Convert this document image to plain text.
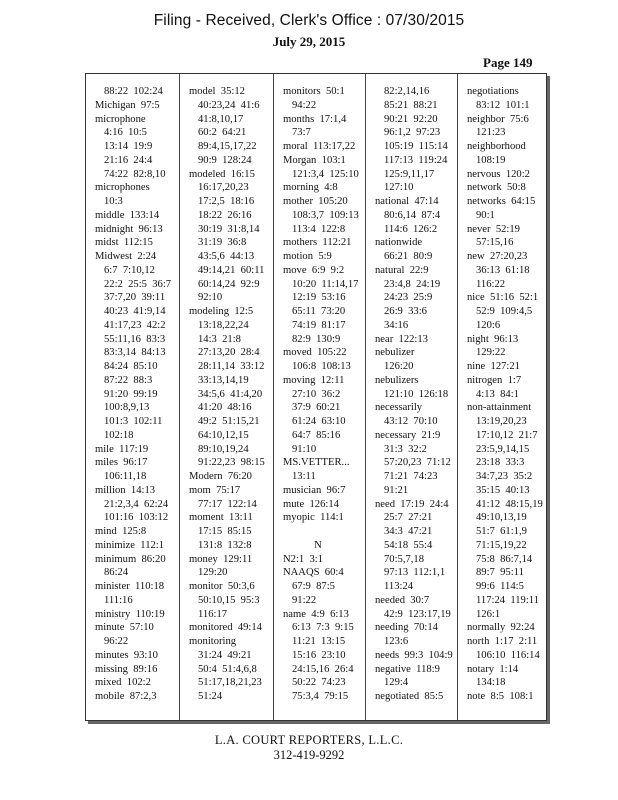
Filing - Received, Clerk's Office : 07/30/2015
July 29, 2015
Page 149
88:22  102:24
Michigan  97:5
microphone
4:16  10:5
13:14  19:9
21:16  24:4
74:22  82:8,10
microphones
10:3
middle  133:14
midnight  96:13
midst  112:15
Midwest  2:24
6:7  7:10,12
22:2  25:5  36:7
37:7,20  39:11
40:23  41:9,14
41:17,23  42:2
55:11,16  83:3
83:3,14  84:13
84:24  85:10
87:22  88:3
91:20  99:19
100:8,9,13
101:3  102:11
102:18
mile  117:19
miles  96:17
106:11,18
million  14:13
21:2,3,4  62:24
101:16  103:12
mind  125:8
minimize  112:1
minimum  86:20
86:24
minister  110:18
111:16
ministry  110:19
minute  57:10
96:22
minutes  93:10
missing  89:16
mixed  102:2
mobile  87:2,3
model  35:12
40:23,24  41:6
41:8,10,17
60:2  64:21
89:4,15,17,22
90:9  128:24
modeled  16:15
16:17,20,23
17:2,5  18:16
18:22  26:16
30:19  31:8,14
31:19  36:8
43:5,6  44:13
49:14,21  60:11
60:14,24  92:9
92:10
modeling  12:5
13:18,22,24
14:3  21:8
27:13,20  28:4
28:11,14  33:12
33:13,14,19
34:5,6  41:4,20
41:20  48:16
49:2  51:15,21
64:10,12,15
89:10,19,24
91:22,23  98:15
Modern  76:20
mom  75:17
77:17  122:14
moment  13:11
17:15  85:15
131:8  132:8
money  129:11
129:20
monitor  50:3,6
50:10,15  95:3
116:17
monitored  49:14
monitoring
31:24  49:21
50:4  51:4,6,8
51:17,18,21,23
51:24
monitors  50:1
94:22
months  17:1,4
73:7
moral  113:17,22
Morgan  103:1
121:3,4  125:10
morning  4:8
mother  105:20
108:3,7  109:13
113:4  122:8
mothers  112:21
motion  5:9
move  6:9  9:2
10:20  11:14,17
12:19  53:16
65:11  73:20
74:19  81:17
82:9  130:9
moved  105:22
106:8  108:13
moving  12:11
27:10  36:2
37:9  60:21
61:24  63:10
64:7  85:16
91:10
MS.VETTER...
13:11
musician  96:7
mute  126:14
myopic  114:1
N
N2:1  3:1
NAAQS  60:4
67:9  87:5
91:22
name  4:9  6:13
6:13  7:3  9:15
11:21  13:15
15:16  23:10
24:15,16  26:4
50:22  74:23
75:3,4  79:15
82:2,14,16
85:21  88:21
90:21  92:20
96:1,2  97:23
105:19  115:14
117:13  119:24
125:9,11,17
127:10
national  47:14
80:6,14  87:4
114:6  126:2
nationwide
66:21  80:9
natural  22:9
23:4,8  24:19
24:23  25:9
26:9  33:6
34:16
near  122:13
nebulizer
126:20
nebulizers
121:10  126:18
necessarily
43:12  70:10
necessary  21:9
31:3  32:2
57:20,23  71:12
71:21  74:23
91:21
need  17:19  24:4
25:7  27:21
34:3  47:21
54:18  55:4
70:5,7,18
97:13  112:1,1
113:24
needed  30:7
42:9  123:17,19
needing  70:14
123:6
needs  99:3  104:9
negative  118:9
129:4
negotiated  85:5
negotiations
83:12  101:1
neighbor  75:6
121:23
neighborhood
108:19
nervous  120:2
network  50:8
networks  64:15
90:1
never  52:19
57:15,16
new  27:20,23
36:13  61:18
116:22
nice  51:16  52:1
52:9  109:4,5
120:6
night  96:13
129:22
nine  127:21
nitrogen  1:7
4:13  84:1
non-attainment
13:19,20,23
17:10,12  21:7
23:5,9,14,15
23:18  33:3
34:7,23  35:2
35:15  40:13
41:12  48:15,19
49:10,13,19
51:7  61:1,9
71:15,19,22
75:8  86:7,14
89:7  95:11
99:6  114:5
117:24  119:11
126:1
normally  92:24
north  1:17  2:11
106:10  116:14
notary  1:14
134:18
note  8:5  108:1
L.A. COURT REPORTERS, L.L.C.
312-419-9292
